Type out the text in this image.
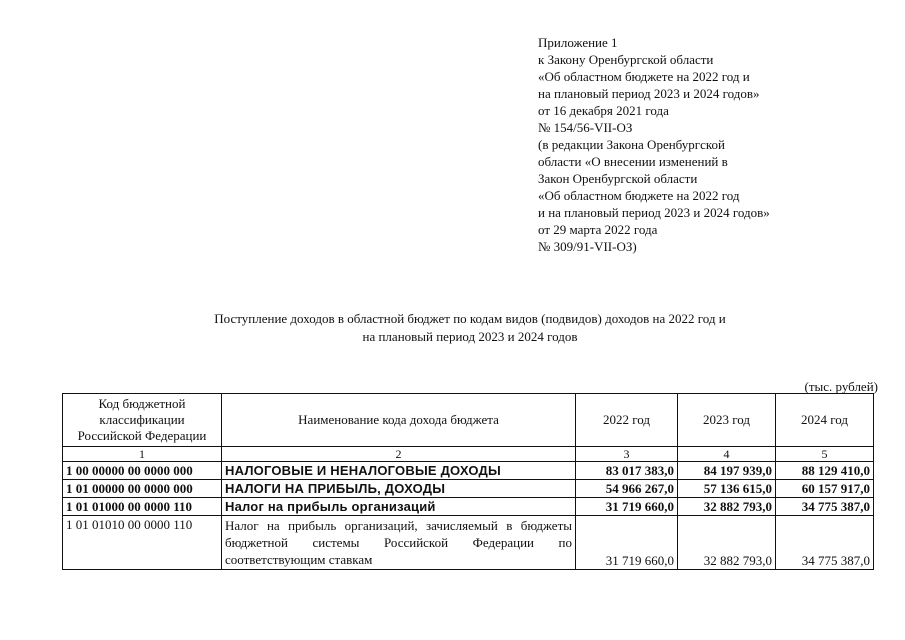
Приложение 1
к Закону Оренбургской области
«Об областном бюджете на 2022 год и
на плановый период 2023 и 2024 годов»
от 16 декабря 2021 года
№ 154/56-VII-ОЗ
(в редакции Закона Оренбургской
области «О внесении изменений в
Закон Оренбургской области
«Об областном бюджете на 2022 год
и на плановый период 2023 и 2024 годов»
от 29 марта 2022 года
№ 309/91-VII-ОЗ)
Поступление доходов в областной бюджет по кодам видов (подвидов) доходов на 2022 год и
на плановый период 2023 и 2024 годов
(тыс. рублей)
Код бюджетной классификации Российской Федерации	Наименование кода дохода бюджета	2022 год	2023 год	2024 год
1	2	3	4	5
1 00 00000 00 0000 000	НАЛОГОВЫЕ И НЕНАЛОГОВЫЕ ДОХОДЫ	83 017 383,0	84 197 939,0	88 129 410,0
1 01 00000 00 0000 000	НАЛОГИ НА ПРИБЫЛЬ, ДОХОДЫ	54 966 267,0	57 136 615,0	60 157 917,0
1 01 01000 00 0000 110	Налог на прибыль организаций	31 719 660,0	32 882 793,0	34 775 387,0
1 01 01010 00 0000 110	Налог на прибыль организаций, зачисляемый в бюджеты бюджетной системы Российской Федерации по соответствующим ставкам	31 719 660,0	32 882 793,0	34 775 387,0
